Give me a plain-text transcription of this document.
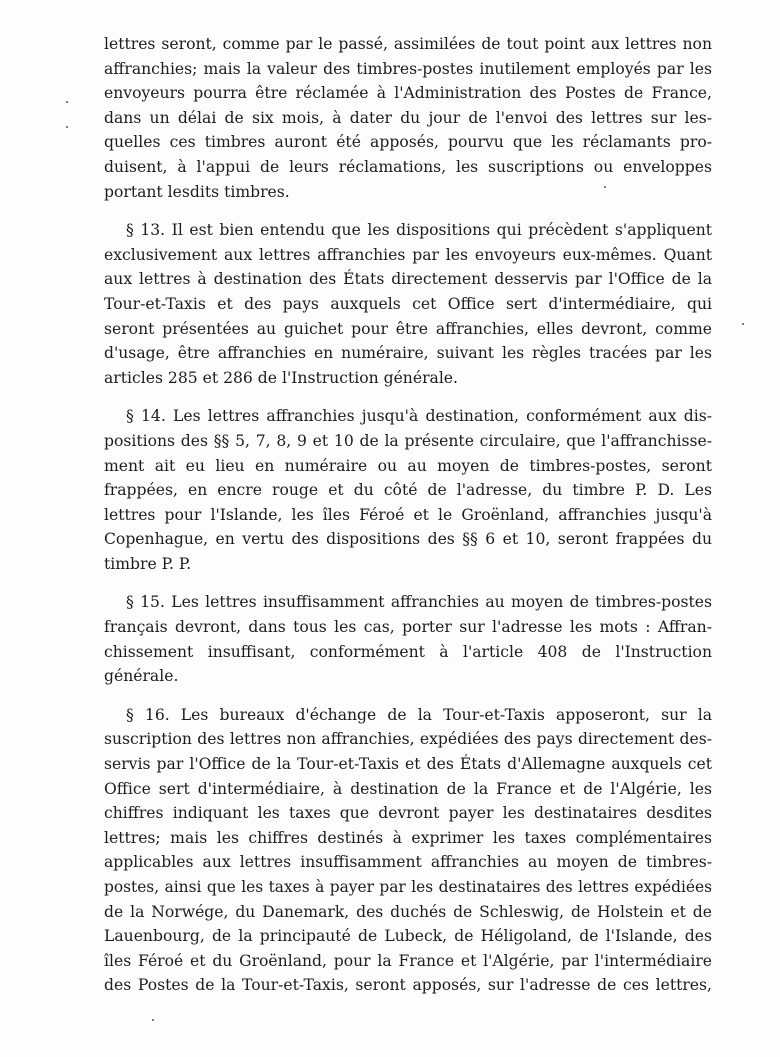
lettres seront, comme par le passé, assimilées de tout point aux lettres non
affranchies; mais la valeur des timbres-postes inutilement employés par les
envoyeurs pourra être réclamée à l'Administration des Postes de France,
dans un délai de six mois, à dater du jour de l'envoi des lettres sur les-
quelles ces timbres auront été apposés, pourvu que les réclamants pro-
duisent, à l'appui de leurs réclamations, les suscriptions ou enveloppes
portant lesdits timbres.

§ 13. Il est bien entendu que les dispositions qui précèdent s'appliquent
exclusivement aux lettres affranchies par les envoyeurs eux-mêmes. Quant
aux lettres à destination des États directement desservis par l'Office de la
Tour-et-Taxis et des pays auxquels cet Office sert d'intermédiaire, qui
seront présentées au guichet pour être affranchies, elles devront, comme
d'usage, être affranchies en numéraire, suivant les règles tracées par les
articles 285 et 286 de l'Instruction générale.

§ 14. Les lettres affranchies jusqu'à destination, conformément aux dis-
positions des §§ 5, 7, 8, 9 et 10 de la présente circulaire, que l'affranchisse-
ment ait eu lieu en numéraire ou au moyen de timbres-postes, seront
frappées, en encre rouge et du côté de l'adresse, du timbre P. D. Les
lettres pour l'Islande, les îles Féroé et le Groënland, affranchies jusqu'à
Copenhague, en vertu des dispositions des §§ 6 et 10, seront frappées du
timbre P. P.

§ 15. Les lettres insuffisamment affranchies au moyen de timbres-postes
français devront, dans tous les cas, porter sur l'adresse les mots : Affran-
chissement insuffisant, conformément à l'article 408 de l'Instruction
générale.

§ 16. Les bureaux d'échange de la Tour-et-Taxis apposeront, sur la
suscription des lettres non affranchies, expédiées des pays directement des-
servis par l'Office de la Tour-et-Taxis et des États d'Allemagne auxquels cet
Office sert d'intermédiaire, à destination de la France et de l'Algérie, les
chiffres indiquant les taxes que devront payer les destinataires desdites
lettres; mais les chiffres destinés à exprimer les taxes complémentaires
applicables aux lettres insuffisamment affranchies au moyen de timbres-
postes, ainsi que les taxes à payer par les destinataires des lettres expédiées
de la Norwége, du Danemark, des duchés de Schleswig, de Holstein et de
Lauenbourg, de la principauté de Lubeck, de Héligoland, de l'Islande, des
îles Féroé et du Groënland, pour la France et l'Algérie, par l'intermédiaire
des Postes de la Tour-et-Taxis, seront apposés, sur l'adresse de ces lettres,
